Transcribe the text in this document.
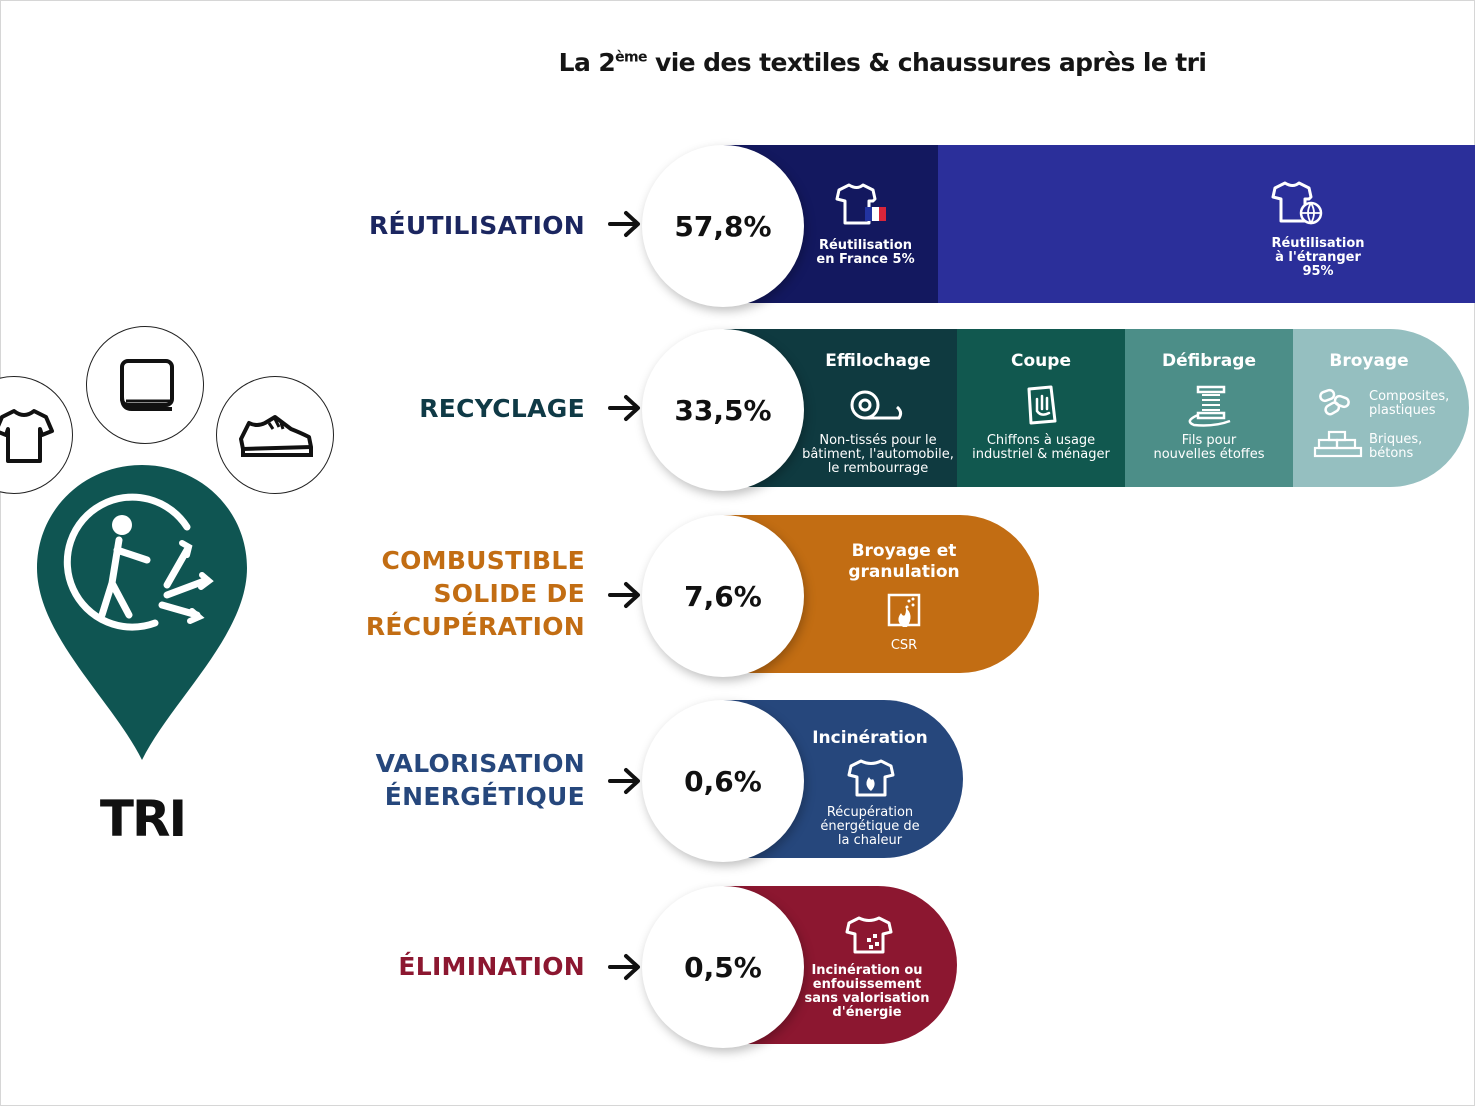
La 2ème vie des textiles & chaussures après le tri
TRI
RÉUTILISATION	57,8%
Réutilisation
en France 5%
Réutilisation
à l'étranger 95%
RECYCLAGE	33,5%
Effilochage
Non-tissés pour le
bâtiment, l'automobile,
le rembourrage
Coupe
Chiffons à usage
industriel & ménager
Défibrage
Fils pour
nouvelles étoffes
Broyage
Composites,
plastiques
Briques,
bétons
COMBUSTIBLE
SOLIDE DE
RÉCUPÉRATION
7,6%
Broyage et
granulation
CSR
VALORISATION
ÉNERGÉTIQUE	0,6%
Incinération
Récupération
énergétique de
la chaleur
ÉLIMINATION	0,5%	Incinération ou
enfouissement
sans valorisation
d'énergie
